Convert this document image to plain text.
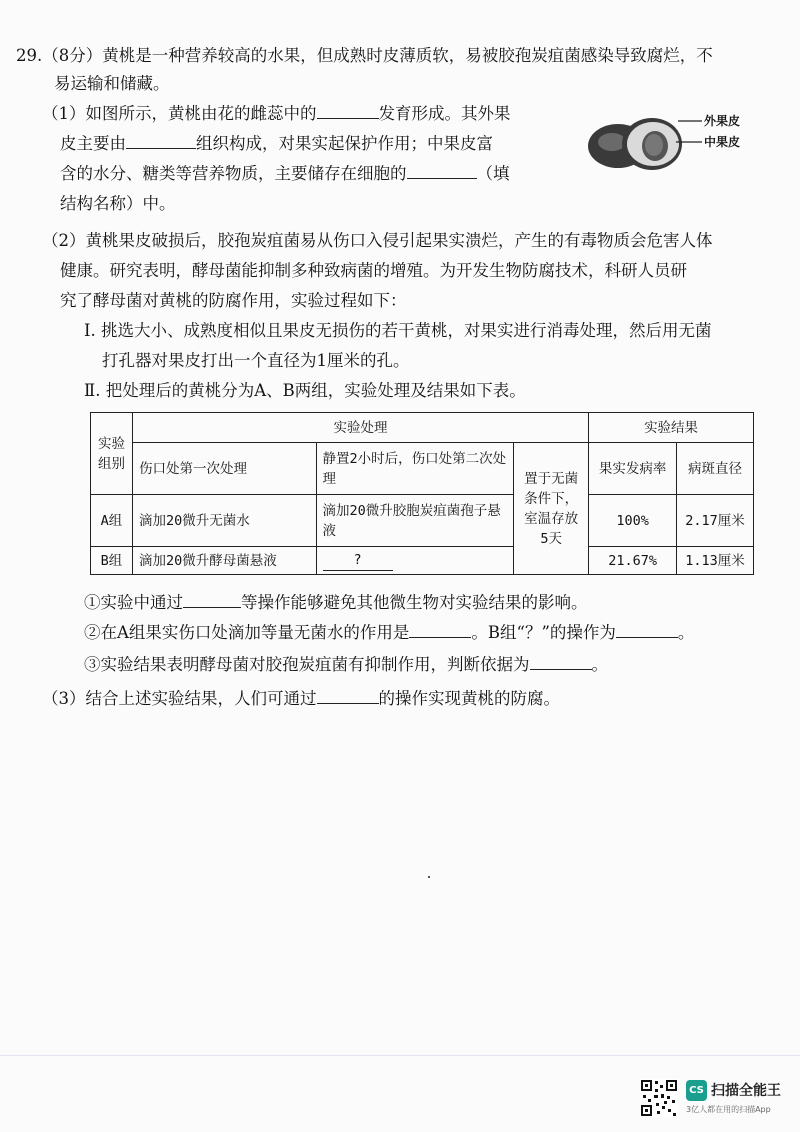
29.（8分）黄桃是一种营养较高的水果，但成熟时皮薄质软，易被胶孢炭疽菌感染导致腐烂，不
易运输和储藏。
（1）如图所示，黄桃由花的雌蕊中的	发育形成。其外果
皮主要由	组织构成，对果实起保护作用；中果皮富
含的水分、糖类等营养物质，主要储存在细胞的	（填
结构名称）中。
外果皮
中果皮
（2）黄桃果皮破损后，胶孢炭疽菌易从伤口入侵引起果实溃烂，产生的有毒物质会危害人体
健康。研究表明，酵母菌能抑制多种致病菌的增殖。为开发生物防腐技术，科研人员研
究了酵母菌对黄桃的防腐作用，实验过程如下：
Ⅰ. 挑选大小、成熟度相似且果皮无损伤的若干黄桃，对果实进行消毒处理，然后用无菌
打孔器对果皮打出一个直径为1厘米的孔。
Ⅱ. 把处理后的黄桃分为A、B两组，实验处理及结果如下表。
实验组别	实验处理			实验结果	
	伤口处第一次处理	静置2小时后，伤口处第二次处理	置于无菌条件下，室温存放5天	果实发病率	病斑直径
A组	滴加20微升无菌水	滴加20微升胶胞炭疽菌孢子悬液		100%	2.17厘米
B组	滴加20微升酵母菌悬液	?		21.67%	1.13厘米
①实验中通过	等操作能够避免其他微生物对实验结果的影响。
②在A组果实伤口处滴加等量无菌水的作用是	。B组“？”的操作为	。
③实验结果表明酵母菌对胶孢炭疽菌有抑制作用，判断依据为	。
（3）结合上述实验结果，人们可通过	的操作实现黄桃的防腐。
CS 扫描全能王
3亿人都在用的扫描App
